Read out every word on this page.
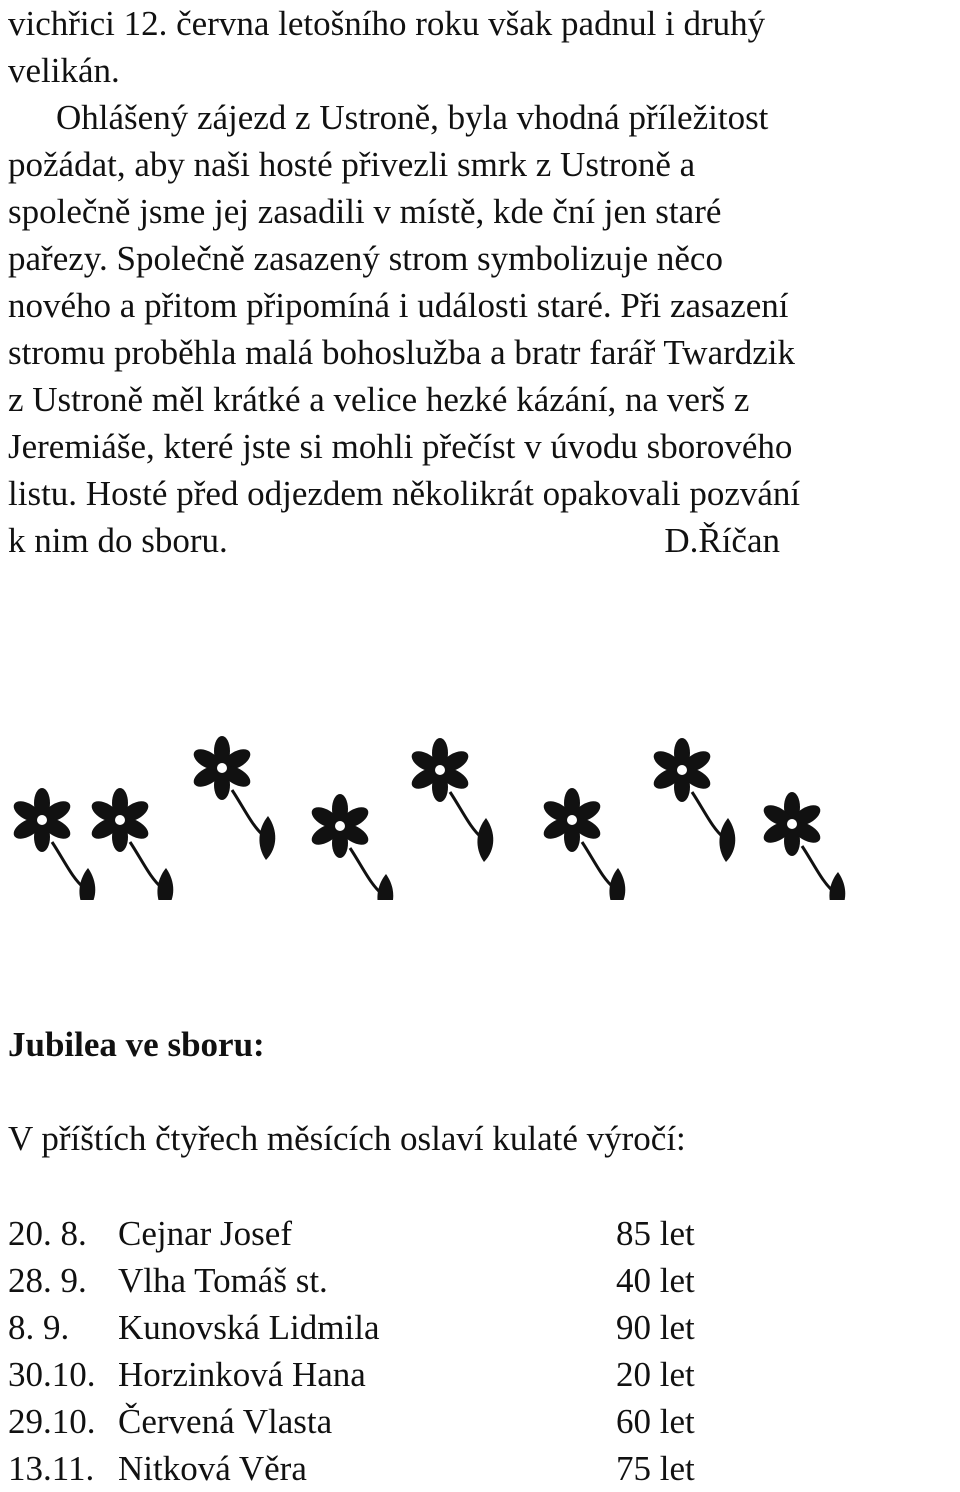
vichřici 12. června letošního roku však padnul i druhý
velikán.
Ohlášený zájezd z Ustroně, byla vhodná příležitost
požádat, aby naši hosté přivezli smrk z Ustroně a
společně jsme jej zasadili v místě, kde ční jen staré
pařezy. Společně zasazený strom symbolizuje něco
nového a přitom připomíná i události staré. Při zasazení
stromu proběhla malá bohoslužba a bratr farář Twardzik
z Ustroně měl krátké a velice hezké kázání, na verš z
Jeremiáše, které jste si mohli přečíst v úvodu sborového
listu. Hosté před odjezdem několikrát opakovali pozvání
k nim do sboru.	D.Říčan
Jubilea ve sboru:
V příštích čtyřech měsících oslaví kulaté výročí:
20. 8. Cejnar Josef	85 let
28. 9. Vlha Tomáš st.	40 let
8. 9. Kunovská Lidmila	90 let
30.10. Horzinková Hana	20 let
29.10. Červená Vlasta	60 let
13.11. Nitková Věra	75 let
